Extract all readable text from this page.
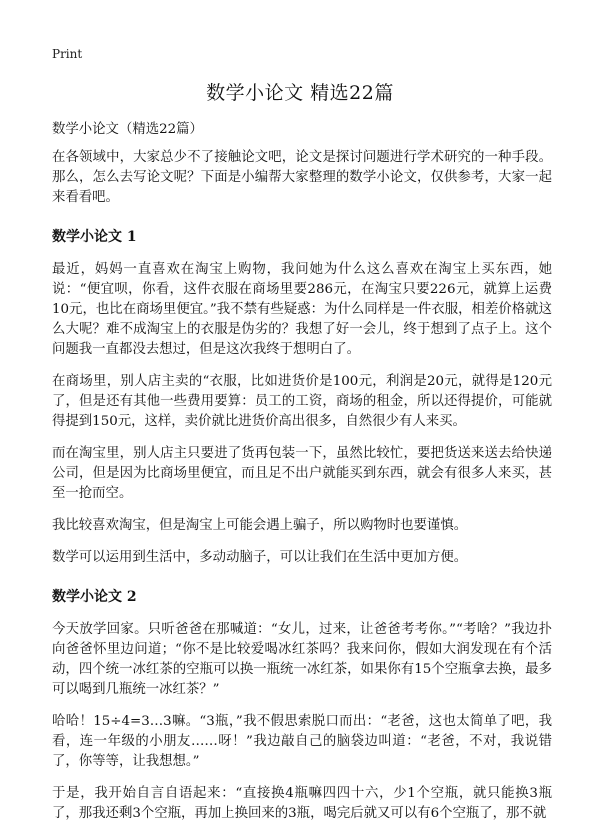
Print
数学小论文 精选22篇

数学小论文（精选22篇）

在各领域中，大家总少不了接触论文吧，论文是探讨问题进行学术研究的一种手段。那么，怎么去写论文呢？下面是小编帮大家整理的数学小论文，仅供参考，大家一起来看看吧。

数学小论文 1

最近，妈妈一直喜欢在淘宝上购物，我问她为什么这么喜欢在淘宝上买东西，她说：“便宜呗，你看，这件衣服在商场里要286元，在淘宝只要226元，就算上运费10元，也比在商场里便宜。”我不禁有些疑惑：为什么同样是一件衣服，相差价格就这么大呢？难不成淘宝上的衣服是伪劣的？我想了好一会儿，终于想到了点子上。这个问题我一直都没去想过，但是这次我终于想明白了。

在商场里，别人店主卖的“衣服，比如进货价是100元，利润是20元，就得是120元了，但是还有其他一些费用要算：员工的工资，商场的租金，所以还得提价，可能就得提到150元，这样，卖价就比进货价高出很多，自然很少有人来买。

而在淘宝里，别人店主只要进了货再包装一下，虽然比较忙，要把货送来送去给快递公司，但是因为比商场里便宜，而且足不出户就能买到东西，就会有很多人来买，甚至一抢而空。

我比较喜欢淘宝，但是淘宝上可能会遇上骗子，所以购物时也要谨慎。

数学可以运用到生活中，多动动脑子，可以让我们在生活中更加方便。

数学小论文 2

今天放学回家。只听爸爸在那喊道：“女儿，过来，让爸爸考考你。”“考啥？”我边扑向爸爸怀里边问道；“你不是比较爱喝冰红茶吗？我来问你，假如大润发现在有个活动，四个统一冰红茶的空瓶可以换一瓶统一冰红茶，如果你有15个空瓶拿去换，最多可以喝到几瓶统一冰红茶？”

哈哈！15÷4=3…3嘛。“3瓶，”我不假思索脱口而出：“老爸，这也太简单了吧，我看，连一年级的小朋友……呀！”我边敲自己的脑袋边叫道：“老爸，不对，我说错了，你等等，让我想想。”

于是，我开始自言自语起来：“直接换4瓶嘛四四十六，少1个空瓶，就只能换3瓶了，那我还剩3个空瓶，再加上换回来的3瓶，喝完后就又可以有6个空瓶了，那不就
